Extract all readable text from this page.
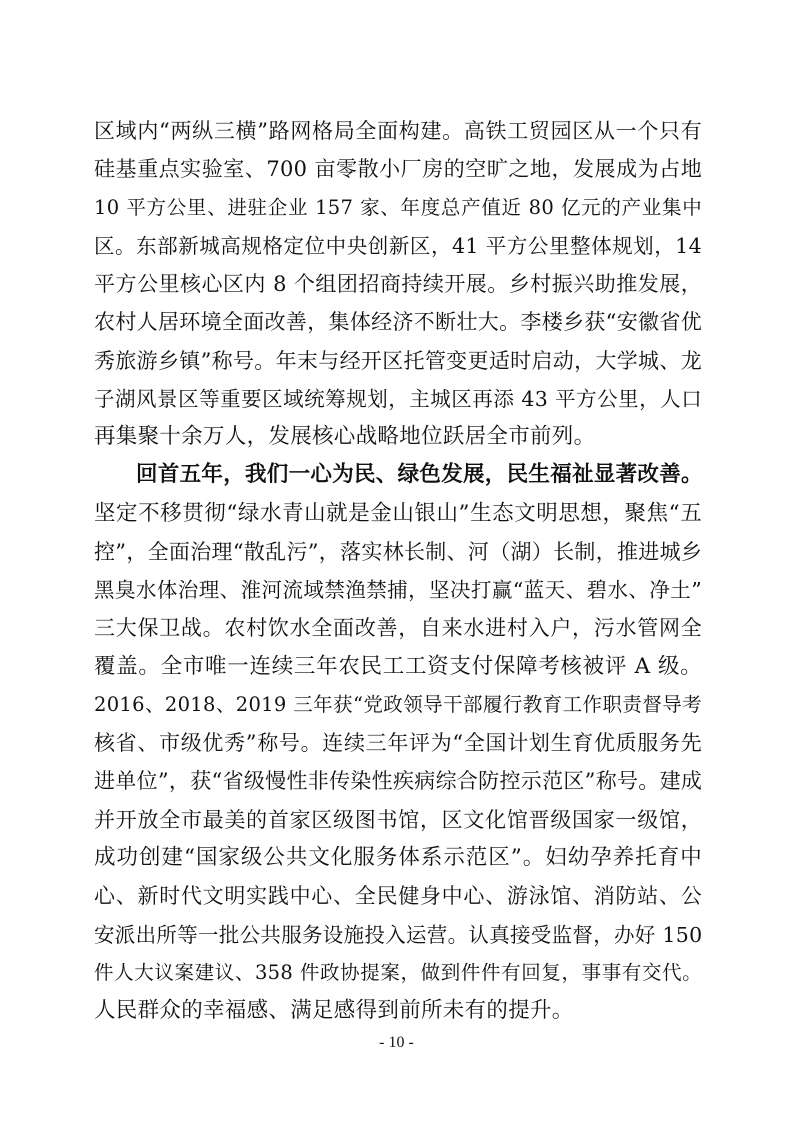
区域内“两纵三横”路网格局全面构建。高铁工贸园区从一个只有
硅基重点实验室、700 亩零散小厂房的空旷之地，发展成为占地
10 平方公里、进驻企业 157 家、年度总产值近 80 亿元的产业集中
区。东部新城高规格定位中央创新区，41 平方公里整体规划，14
平方公里核心区内 8 个组团招商持续开展。乡村振兴助推发展，
农村人居环境全面改善，集体经济不断壮大。李楼乡获“安徽省优
秀旅游乡镇”称号。年末与经开区托管变更适时启动，大学城、龙
子湖风景区等重要区域统筹规划，主城区再添 43 平方公里，人口
再集聚十余万人，发展核心战略地位跃居全市前列。
回首五年，我们一心为民、绿色发展，民生福祉显著改善。
坚定不移贯彻“绿水青山就是金山银山”生态文明思想，聚焦“五
控”，全面治理“散乱污”，落实林长制、河（湖）长制，推进城乡
黑臭水体治理、淮河流域禁渔禁捕，坚决打赢“蓝天、碧水、净土”
三大保卫战。农村饮水全面改善，自来水进村入户，污水管网全
覆盖。全市唯一连续三年农民工工资支付保障考核被评 A 级。
2016、2018、2019 三年获“党政领导干部履行教育工作职责督导考
核省、市级优秀”称号。连续三年评为“全国计划生育优质服务先
进单位”，获“省级慢性非传染性疾病综合防控示范区”称号。建成
并开放全市最美的首家区级图书馆，区文化馆晋级国家一级馆，
成功创建“国家级公共文化服务体系示范区”。妇幼孕养托育中
心、新时代文明实践中心、全民健身中心、游泳馆、消防站、公
安派出所等一批公共服务设施投入运营。认真接受监督，办好 150
件人大议案建议、358 件政协提案，做到件件有回复，事事有交代。
人民群众的幸福感、满足感得到前所未有的提升。
- 10 -
